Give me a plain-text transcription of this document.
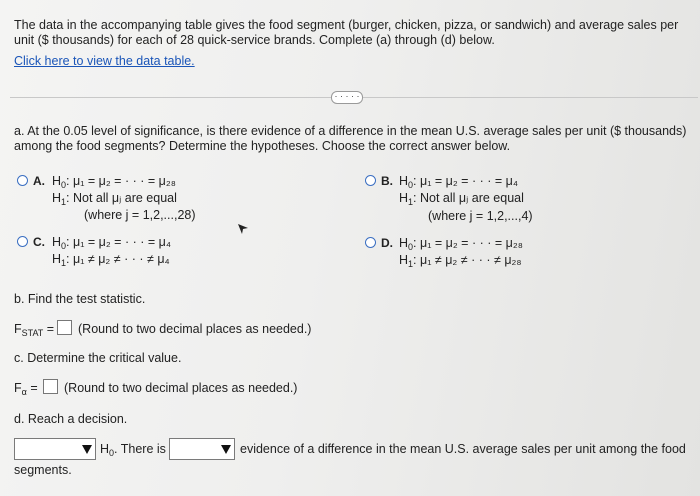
The data in the accompanying table gives the food segment (burger, chicken, pizza, or sandwich) and average sales per unit ($ thousands) for each of 28 quick-service brands. Complete (a) through (d) below.
Click here to view the data table.
· · · · ·
a. At the 0.05 level of significance, is there evidence of a difference in the mean U.S. average sales per unit ($ thousands) among the food segments? Determine the hypotheses. Choose the correct answer below.
A. $H_0$: μ₁ = μ₂ = · · · = μ₂₈
$H_1$: Not all μⱼ are equal
(where j = 1,2,...,28)
B. $H_0$: μ₁ = μ₂ = · · · = μ₄
$H_1$: Not all μⱼ are equal
(where j = 1,2,...,4)
C. $H_0$: μ₁ = μ₂ = · · · = μ₄
$H_1$: μ₁ ≠ μ₂ ≠ · · · ≠ μ₄
D. $H_0$: μ₁ = μ₂ = · · · = μ₂₈
$H_1$: μ₁ ≠ μ₂ ≠ · · · ≠ μ₂₈
b. Find the test statistic.
$F_{STAT}$ = (Round to two decimal places as needed.)
c. Determine the critical value.
$F_\alpha$ = (Round to two decimal places as needed.)
d. Reach a decision.
$H_0$. There is	evidence of a difference in the mean U.S. average sales per unit among the food
segments.
